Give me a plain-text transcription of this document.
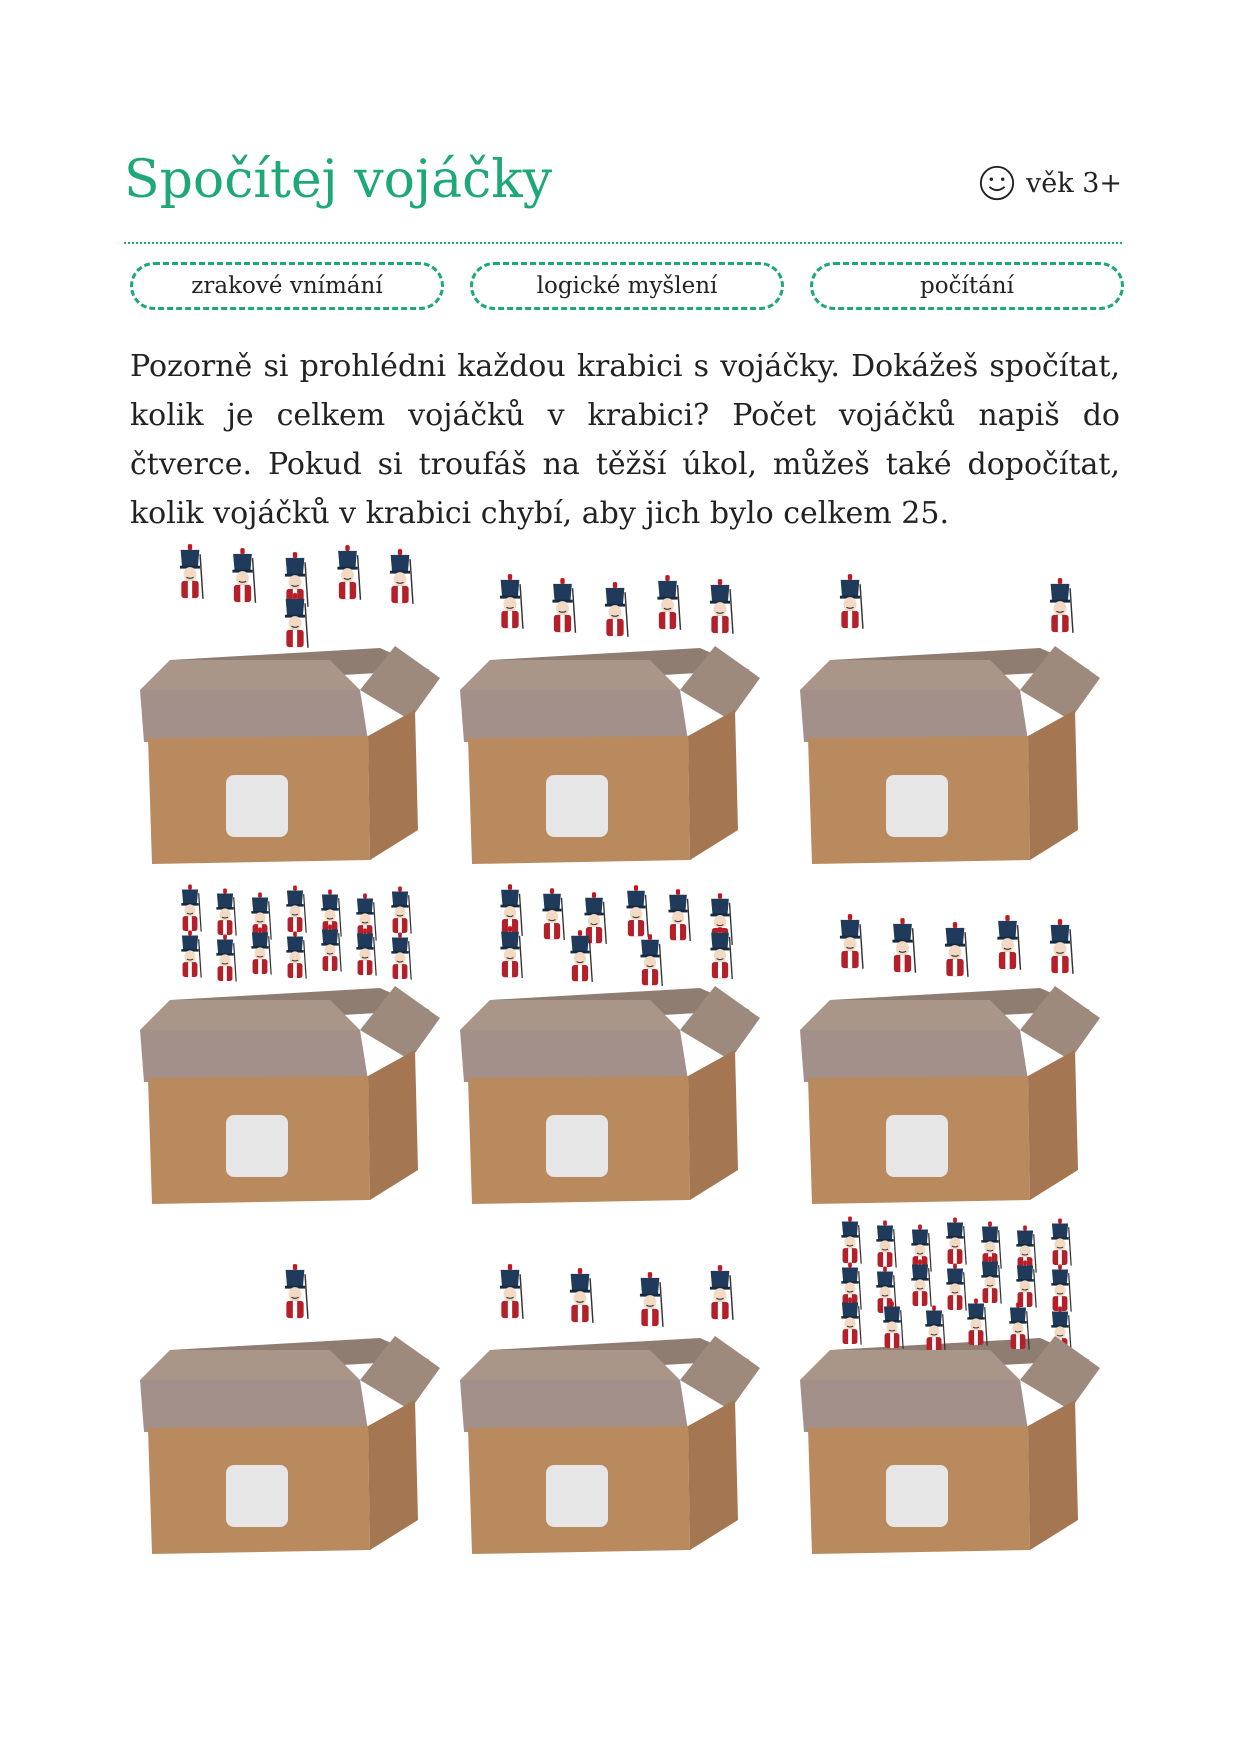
Spočítej vojáčky	věk 3+
zrakové vnímání	logické myšlení	počítání

Pozorně si prohlédni každou krabici s vojáčky. Dokážeš spočítat, kolik je celkem vojáčků v krabici? Počet vojáčků napiš do čtverce. Pokud si troufáš na těžší úkol, můžeš také dopočítat, kolik vojáčků v krabici chybí, aby jich bylo celkem 25.
